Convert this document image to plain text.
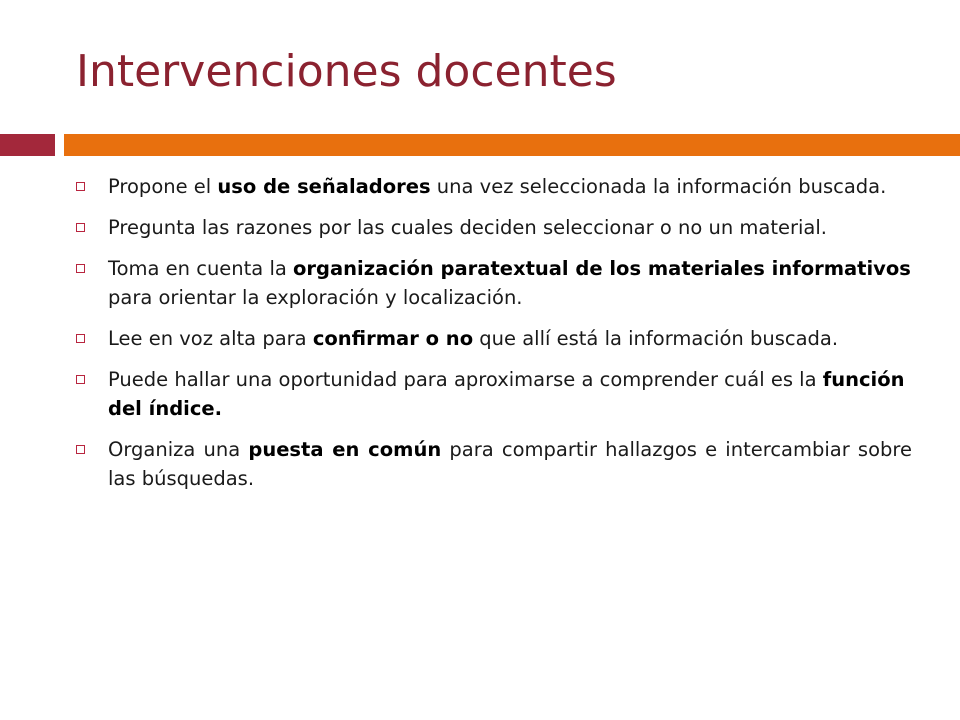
Intervenciones docentes
Propone el uso de señaladores una vez seleccionada la información buscada.
Pregunta las razones por las cuales deciden seleccionar o no un material.
Toma en cuenta la organización paratextual de los materiales informativos para orientar la exploración y localización.
Lee en voz alta para confirmar o no que allí está la información buscada.
Puede hallar una oportunidad para aproximarse a comprender cuál es la función del índice.
Organiza una puesta en común para compartir hallazgos e intercambiar sobre las búsquedas.
